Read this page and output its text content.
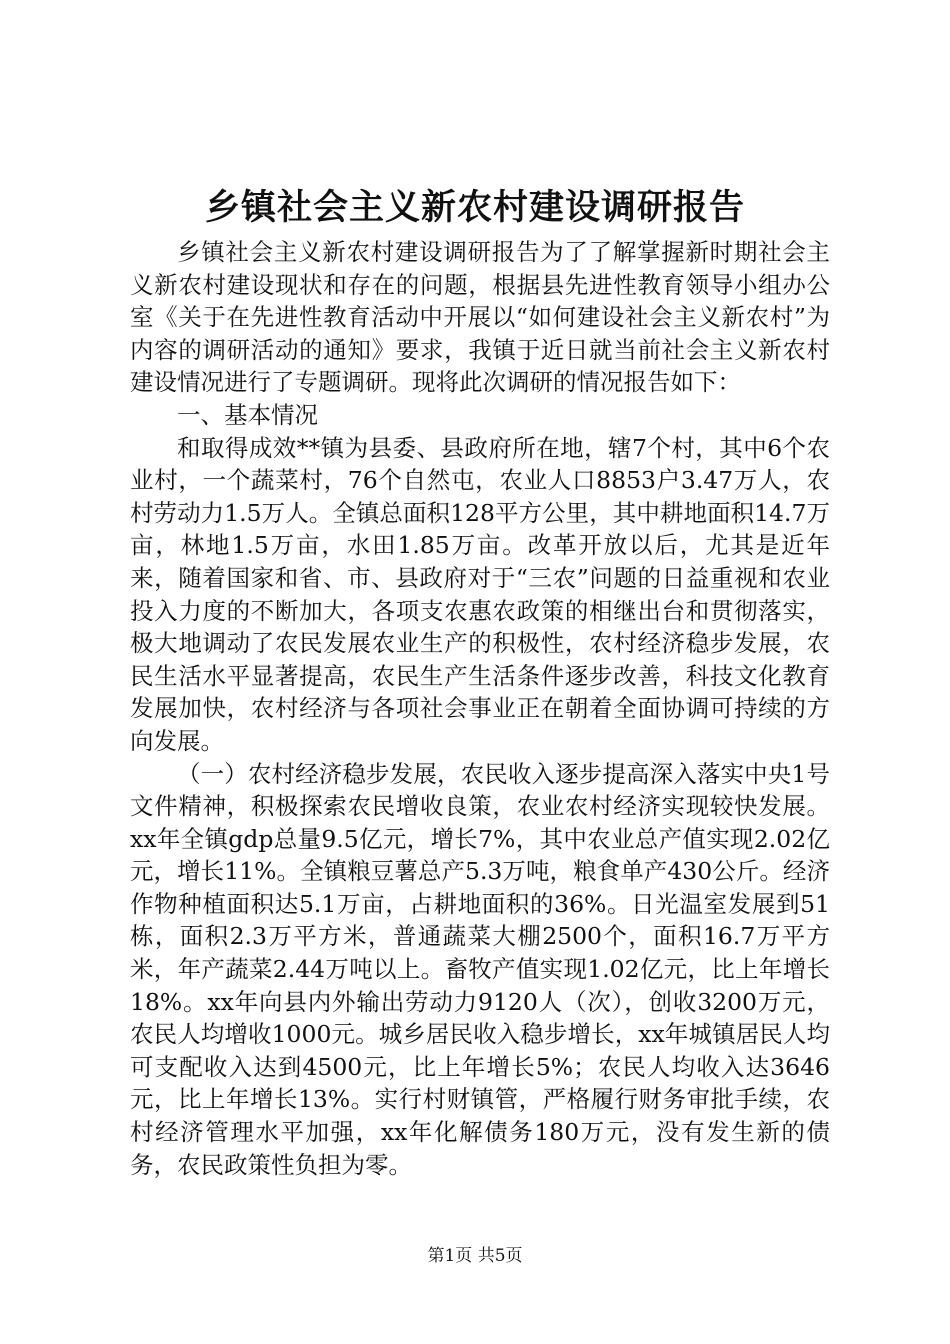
乡镇社会主义新农村建设调研报告

乡镇社会主义新农村建设调研报告为了了解掌握新时期社会主义新农村建设现状和存在的问题，根据县先进性教育领导小组办公室《关于在先进性教育活动中开展以“如何建设社会主义新农村”为内容的调研活动的通知》要求，我镇于近日就当前社会主义新农村建设情况进行了专题调研。现将此次调研的情况报告如下：

一、基本情况

和取得成效**镇为县委、县政府所在地，辖7个村，其中6个农业村，一个蔬菜村，76个自然屯，农业人口8853户3.47万人，农村劳动力1.5万人。全镇总面积128平方公里，其中耕地面积14.7万亩，林地1.5万亩，水田1.85万亩。改革开放以后，尤其是近年来，随着国家和省、市、县政府对于“三农”问题的日益重视和农业投入力度的不断加大，各项支农惠农政策的相继出台和贯彻落实，极大地调动了农民发展农业生产的积极性，农村经济稳步发展，农民生活水平显著提高，农民生产生活条件逐步改善，科技文化教育发展加快，农村经济与各项社会事业正在朝着全面协调可持续的方向发展。

（一）农村经济稳步发展，农民收入逐步提高深入落实中央1号文件精神，积极探索农民增收良策，农业农村经济实现较快发展。xx年全镇gdp总量9.5亿元，增长7%，其中农业总产值实现2.02亿元，增长11%。全镇粮豆薯总产5.3万吨，粮食单产430公斤。经济作物种植面积达5.1万亩，占耕地面积的36%。日光温室发展到51栋，面积2.3万平方米，普通蔬菜大棚2500个，面积16.7万平方米，年产蔬菜2.44万吨以上。畜牧产值实现1.02亿元，比上年增长18%。xx年向县内外输出劳动力9120人（次），创收3200万元，农民人均增收1000元。城乡居民收入稳步增长，xx年城镇居民人均可支配收入达到4500元，比上年增长5%；农民人均收入达3646元，比上年增长13%。实行村财镇管，严格履行财务审批手续，农村经济管理水平加强，xx年化解债务180万元，没有发生新的债务，农民政策性负担为零。

第1页 共5页
